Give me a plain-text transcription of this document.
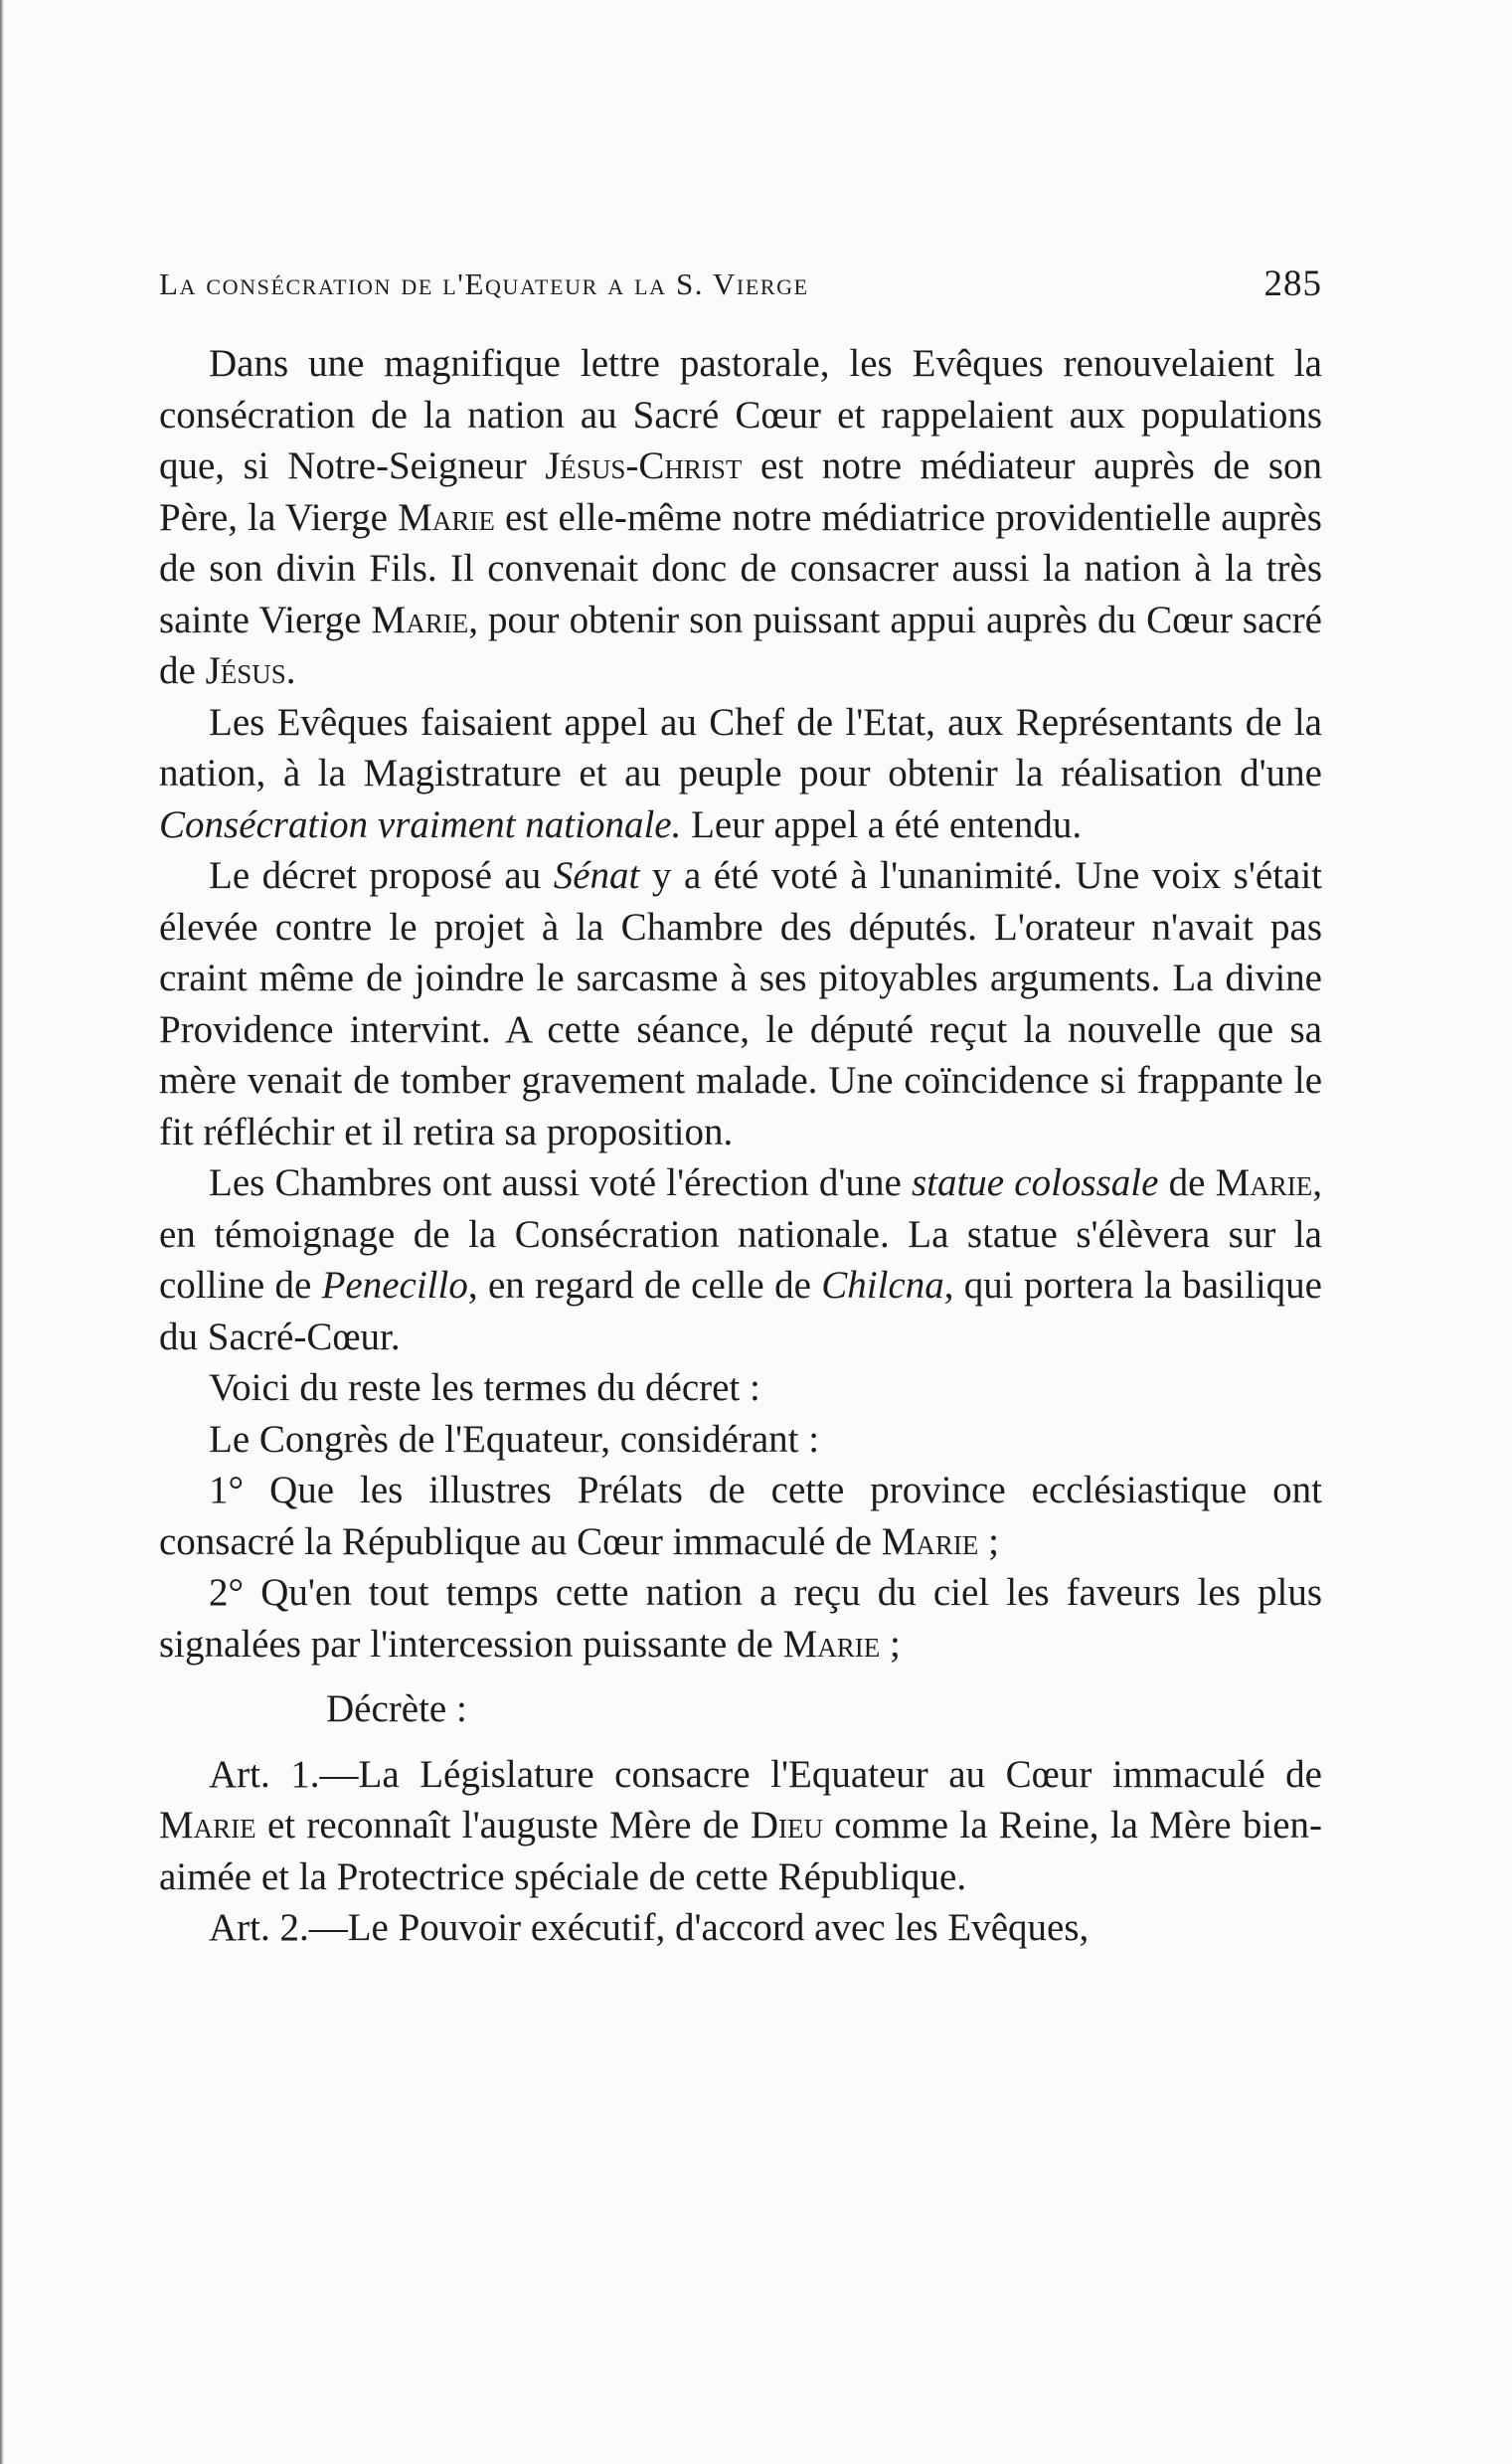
La consécration de l'Equateur a la S. Vierge	285

Dans une magnifique lettre pastorale, les Evêques renouvelaient la consécration de la nation au Sacré Cœur et rappelaient aux populations que, si Notre-Seigneur Jésus-Christ est notre médiateur auprès de son Père, la Vierge Marie est elle-même notre médiatrice providentielle auprès de son divin Fils. Il convenait donc de consacrer aussi la nation à la très sainte Vierge Marie, pour obtenir son puissant appui auprès du Cœur sacré de Jésus.

Les Evêques faisaient appel au Chef de l'Etat, aux Représentants de la nation, à la Magistrature et au peuple pour obtenir la réalisation d'une Consécration vraiment nationale. Leur appel a été entendu.

Le décret proposé au Sénat y a été voté à l'unanimité. Une voix s'était élevée contre le projet à la Chambre des députés. L'orateur n'avait pas craint même de joindre le sarcasme à ses pitoyables arguments. La divine Providence intervint. A cette séance, le député reçut la nouvelle que sa mère venait de tomber gravement malade. Une coïncidence si frappante le fit réfléchir et il retira sa proposition.

Les Chambres ont aussi voté l'érection d'une statue colossale de Marie, en témoignage de la Consécration nationale. La statue s'élèvera sur la colline de Penecillo, en regard de celle de Chilcna, qui portera la basilique du Sacré-Cœur.

Voici du reste les termes du décret :

Le Congrès de l'Equateur, considérant :

1° Que les illustres Prélats de cette province ecclésiastique ont consacré la République au Cœur immaculé de Marie ;

2° Qu'en tout temps cette nation a reçu du ciel les faveurs les plus signalées par l'intercession puissante de Marie ;

Décrète :

Art. 1.—La Législature consacre l'Equateur au Cœur immaculé de Marie et reconnaît l'auguste Mère de Dieu comme la Reine, la Mère bien-aimée et la Protectrice spéciale de cette République.

Art. 2.—Le Pouvoir exécutif, d'accord avec les Evêques,
